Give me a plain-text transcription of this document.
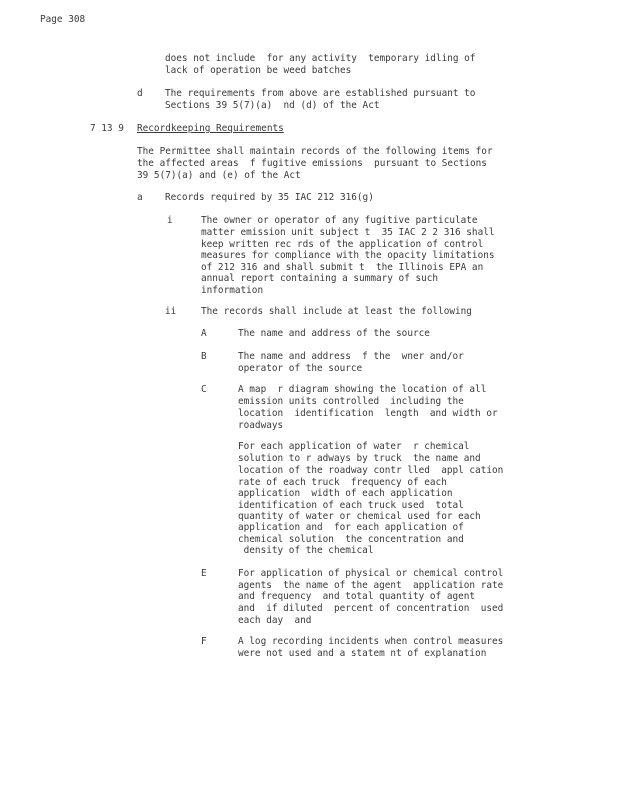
Page 308
does not include  for any activity  temporary idling of
lack of operation be weed batches
d The requirements from above are established pursuant to
Sections 39 5(7)(a)  nd (d) of the Act
7 13 9 Recordkeeping Requirements
The Permittee shall maintain records of the following items for
the affected areas  f fugitive emissions  pursuant to Sections
39 5(7)(a) and (e) of the Act
a Records required by 35 IAC 212 316(g)
i	The owner or operator of any fugitive particulate
matter emission unit subject t  35 IAC 2 2 316 shall
keep written rec rds of the application of control
measures for compliance with the opacity limitations
of 212 316 and shall submit t  the Illinois EPA an
annual report containing a summary of such
information
ii	The records shall include at least the following
A	The name and address of the source
B	The name and address  f the  wner and/or
operator of the source
C	A map  r diagram showing the location of all
emission units controlled  including the
location  identification  length  and width or
roadways
For each application of water  r chemical
solution to r adways by truck  the name and
location of the roadway contr lled  appl cation
rate of each truck  frequency of each
application  width of each application
identification of each truck used  total
quantity of water or chemical used for each
application and  for each application of
chemical solution  the concentration and
density of the chemical
E	For application of physical or chemical control
agents  the name of the agent  application rate
and frequency  and total quantity of agent
and  if diluted  percent of concentration  used
each day  and
F	A log recording incidents when control measures
were not used and a statem nt of explanation
